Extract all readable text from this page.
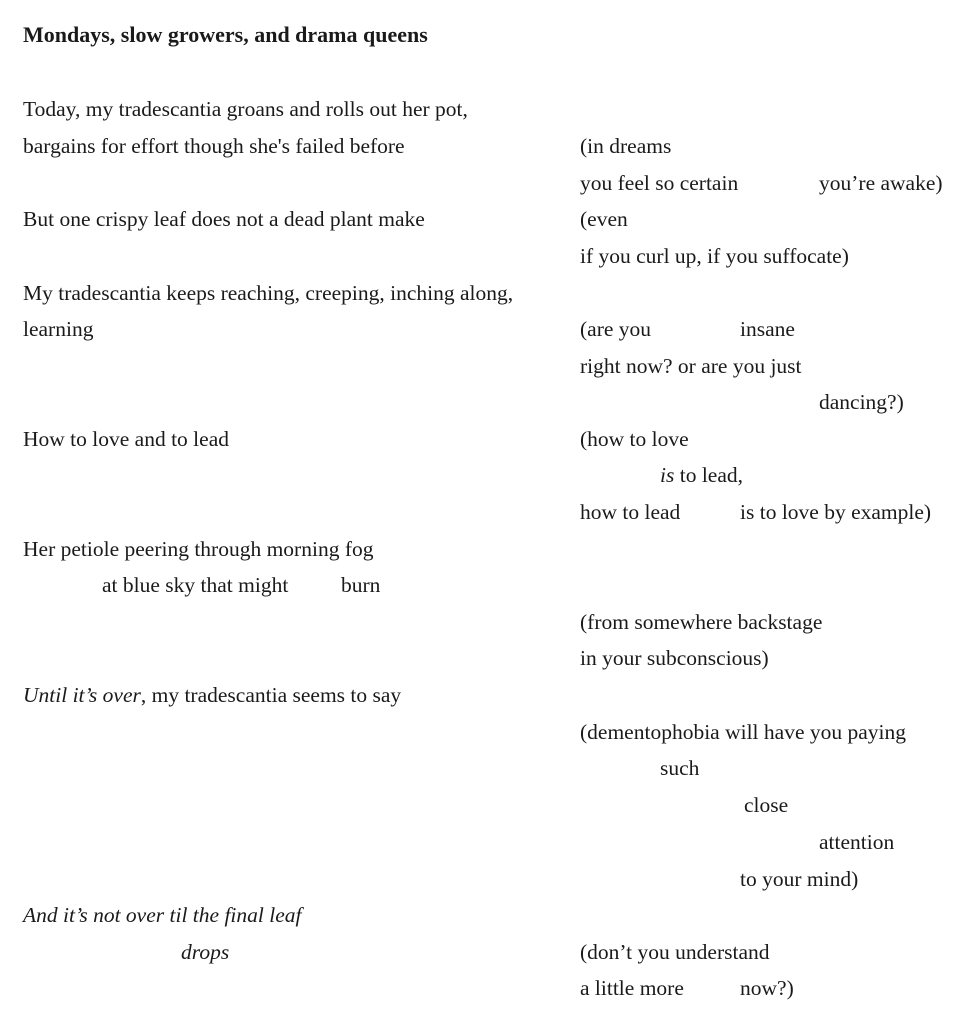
Mondays, slow growers, and drama queens
Today, my tradescantia groans and rolls out her pot,
bargains for effort though she's failed before
But one crispy leaf does not a dead plant make
My tradescantia keeps reaching, creeping, inching along,
learning
How to love and to lead
Her petiole peering through morning fog
at blue sky that might burn
Until it’s over, my tradescantia seems to say
And it’s not over til the final leaf
drops
(in dreams
you feel so certain	you’re awake)
(even
if you curl up, if you suffocate)
(are you	insane
right now? or are you just
dancing?)
(how to love
is to lead,
how to lead	is to love by example)
(from somewhere backstage
in your subconscious)
(dementophobia will have you paying
such
close
attention
to your mind)
(don’t you understand
a little more	now?)
